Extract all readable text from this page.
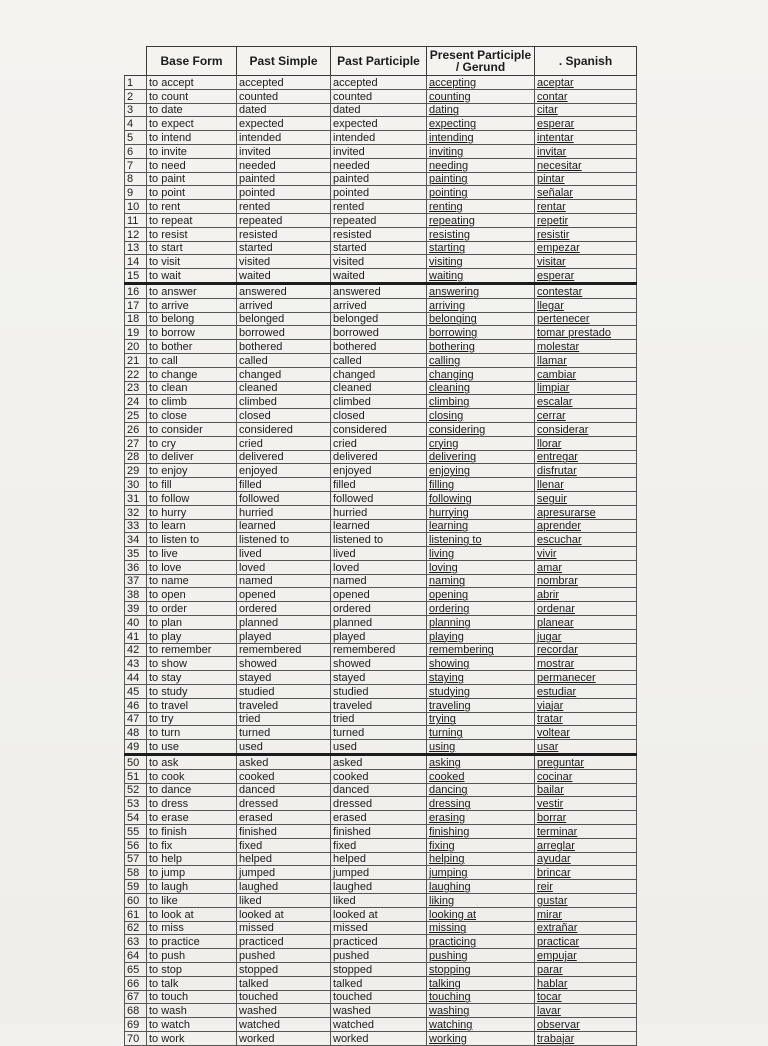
	Base Form	Past Simple	Past Participle	Present Participle / Gerund	. Spanish
1	to accept	accepted	accepted	accepting	aceptar
2	to count	counted	counted	counting	contar
3	to date	dated	dated	dating	citar
4	to expect	expected	expected	expecting	esperar
5	to intend	intended	intended	intending	intentar
6	to invite	invited	invited	inviting	invitar
7	to need	needed	needed	needing	necesitar
8	to paint	painted	painted	painting	pintar
9	to point	pointed	pointed	pointing	señalar
10	to rent	rented	rented	renting	rentar
11	to repeat	repeated	repeated	repeating	repetir
12	to resist	resisted	resisted	resisting	resistir
13	to start	started	started	starting	empezar
14	to visit	visited	visited	visiting	visitar
15	to wait	waited	waited	waiting	esperar
16	to answer	answered	answered	answering	contestar
17	to arrive	arrived	arrived	arriving	llegar
18	to belong	belonged	belonged	belonging	pertenecer
19	to borrow	borrowed	borrowed	borrowing	tomar prestado
20	to bother	bothered	bothered	bothering	molestar
21	to call	called	called	calling	llamar
22	to change	changed	changed	changing	cambiar
23	to clean	cleaned	cleaned	cleaning	limpiar
24	to climb	climbed	climbed	climbing	escalar
25	to close	closed	closed	closing	cerrar
26	to consider	considered	considered	considering	considerar
27	to cry	cried	cried	crying	llorar
28	to deliver	delivered	delivered	delivering	entregar
29	to enjoy	enjoyed	enjoyed	enjoying	disfrutar
30	to fill	filled	filled	filling	llenar
31	to follow	followed	followed	following	seguir
32	to hurry	hurried	hurried	hurrying	apresurarse
33	to learn	learned	learned	learning	aprender
34	to listen to	listened to	listened to	listening to	escuchar
35	to live	lived	lived	living	vivir
36	to love	loved	loved	loving	amar
37	to name	named	named	naming	nombrar
38	to open	opened	opened	opening	abrir
39	to order	ordered	ordered	ordering	ordenar
40	to plan	planned	planned	planning	planear
41	to play	played	played	playing	jugar
42	to remember	remembered	remembered	remembering	recordar
43	to show	showed	showed	showing	mostrar
44	to stay	stayed	stayed	staying	permanecer
45	to study	studied	studied	studying	estudiar
46	to travel	traveled	traveled	traveling	viajar
47	to try	tried	tried	trying	tratar
48	to turn	turned	turned	turning	voltear
49	to use	used	used	using	usar
50	to ask	asked	asked	asking	preguntar
51	to cook	cooked	cooked	cooked	cocinar
52	to dance	danced	danced	dancing	bailar
53	to dress	dressed	dressed	dressing	vestir
54	to erase	erased	erased	erasing	borrar
55	to finish	finished	finished	finishing	terminar
56	to fix	fixed	fixed	fixing	arreglar
57	to help	helped	helped	helping	ayudar
58	to jump	jumped	jumped	jumping	brincar
59	to laugh	laughed	laughed	laughing	reir
60	to like	liked	liked	liking	gustar
61	to look at	looked at	looked at	looking at	mirar
62	to miss	missed	missed	missing	extrañar
63	to practice	practiced	practiced	practicing	practicar
64	to push	pushed	pushed	pushing	empujar
65	to stop	stopped	stopped	stopping	parar
66	to talk	talked	talked	talking	hablar
67	to touch	touched	touched	touching	tocar
68	to wash	washed	washed	washing	lavar
69	to watch	watched	watched	watching	observar
70	to work	worked	worked	working	trabajar
